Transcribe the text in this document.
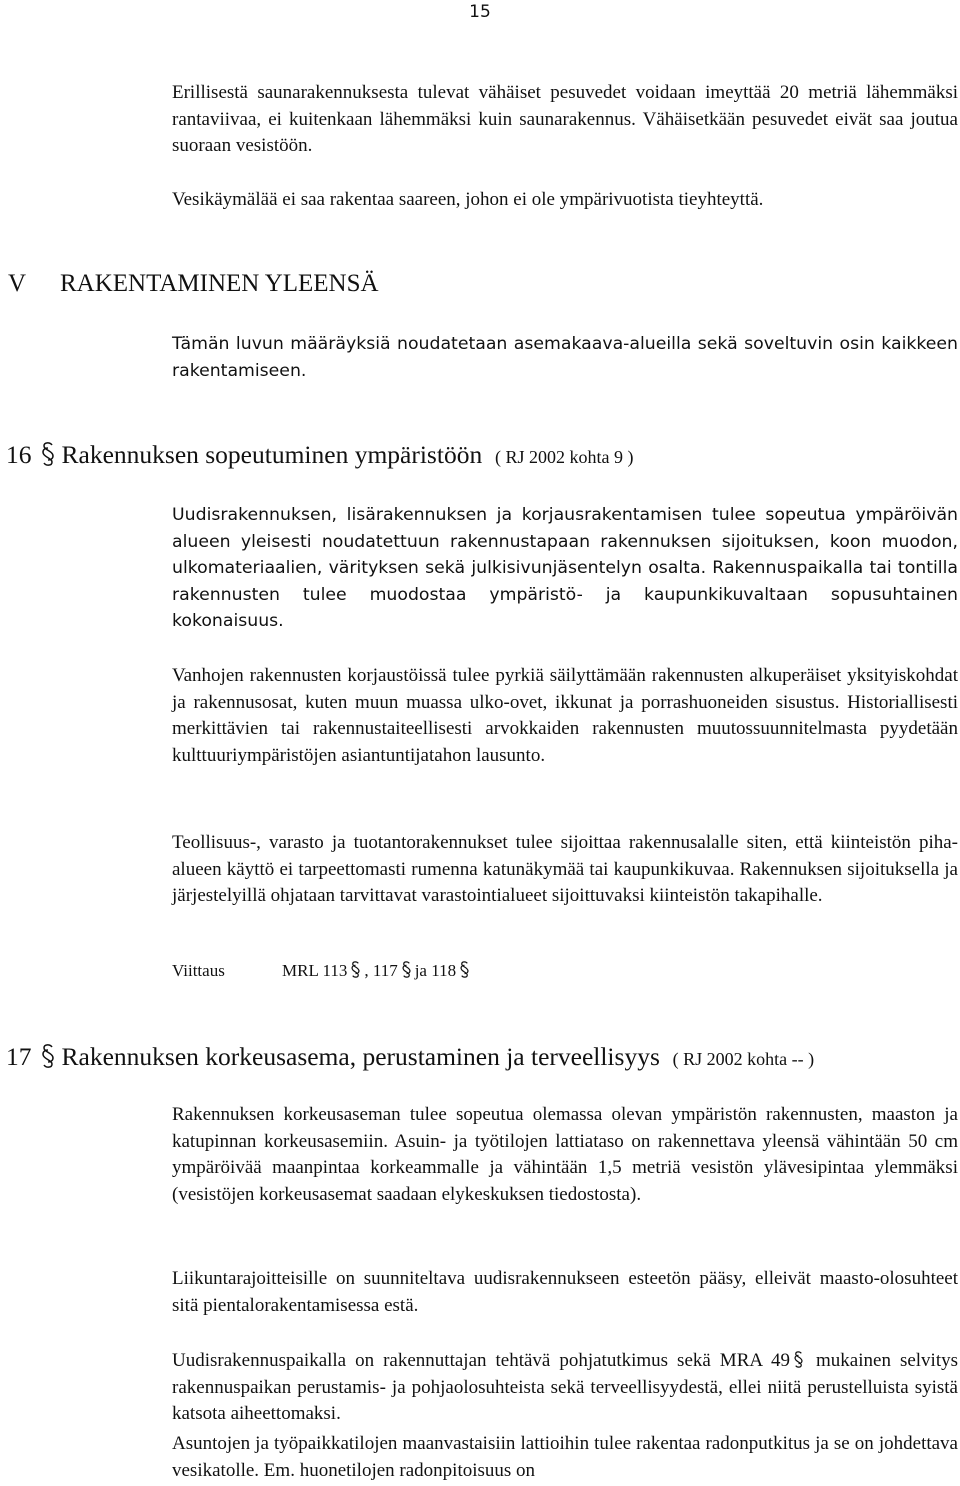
15

Erillisestä saunarakennuksesta tulevat vähäiset pesuvedet voidaan imeyttää 20 metriä lähemmäksi rantaviivaa, ei kuitenkaan lähemmäksi kuin saunarakennus. Vähäisetkään pesuvedet eivät saa joutua suoraan vesistöön.

Vesikäymälää ei saa rakentaa saareen, johon ei ole ympärivuotista tieyhteyttä.

V RAKENTAMINEN YLEENSÄ

Tämän luvun määräyksiä noudatetaan asemakaava-alueilla sekä soveltuvin osin kaikkeen rakentamiseen.

16 Rakennuksen sopeutuminen ympäristöön ( RJ 2002 kohta 9 )

Uudisrakennuksen, lisärakennuksen ja korjausrakentamisen tulee sopeutua ympäröivän alueen yleisesti noudatettuun rakennustapaan rakennuksen sijoituksen, koon muodon, ulkomateriaalien, värityksen sekä julkisivunjäsentelyn osalta. Rakennuspaikalla tai tontilla rakennusten tulee muodostaa ympäristö- ja kaupunkikuvaltaan sopusuhtainen kokonaisuus.

Vanhojen rakennusten korjaustöissä tulee pyrkiä säilyttämään rakennusten alkuperäiset yksityiskohdat ja rakennusosat, kuten muun muassa ulko-ovet, ikkunat ja porrashuoneiden sisustus. Historiallisesti merkittävien tai rakennustaiteellisesti arvokkaiden rakennusten muutossuunnitelmasta pyydetään kulttuuriympäristöjen asiantuntijatahon lausunto.

Teollisuus-, varasto ja tuotantorakennukset tulee sijoittaa rakennusalalle siten, että kiinteistön piha-alueen käyttö ei tarpeettomasti rumenna katunäkymää tai kaupunkikuvaa. Rakennuksen sijoituksella ja järjestelyillä ohjataan tarvittavat varastointialueet sijoittuvaksi kiinteistön takapihalle.

Viittaus	MRL 113 , 117 ja 118
17 Rakennuksen korkeusasema, perustaminen ja terveellisyys ( RJ 2002 kohta -- )

Rakennuksen korkeusaseman tulee sopeutua olemassa olevan ympäristön rakennusten, maaston ja katupinnan korkeusasemiin. Asuin- ja työtilojen lattiataso on rakennettava yleensä vähintään 50 cm ympäröivää maanpintaa korkeammalle ja vähintään 1,5 metriä vesistön ylävesipintaa ylemmäksi (vesistöjen korkeusasemat saadaan elykeskuksen tiedostosta).

Liikuntarajoitteisille on suunniteltava uudisrakennukseen esteetön pääsy, elleivät maasto-olosuhteet sitä pientalorakentamisessa estä.

Uudisrakennuspaikalla on rakennuttajan tehtävä pohjatutkimus sekä MRA 49 mukainen selvitys rakennuspaikan perustamis- ja pohjaolosuhteista sekä terveellisyydestä, ellei niitä perustelluista syistä katsota aiheettomaksi.

Asuntojen ja työpaikkatilojen maanvastaisiin lattioihin tulee rakentaa radonputkitus ja se on johdettava vesikatolle. Em. huonetilojen radonpitoisuus on
